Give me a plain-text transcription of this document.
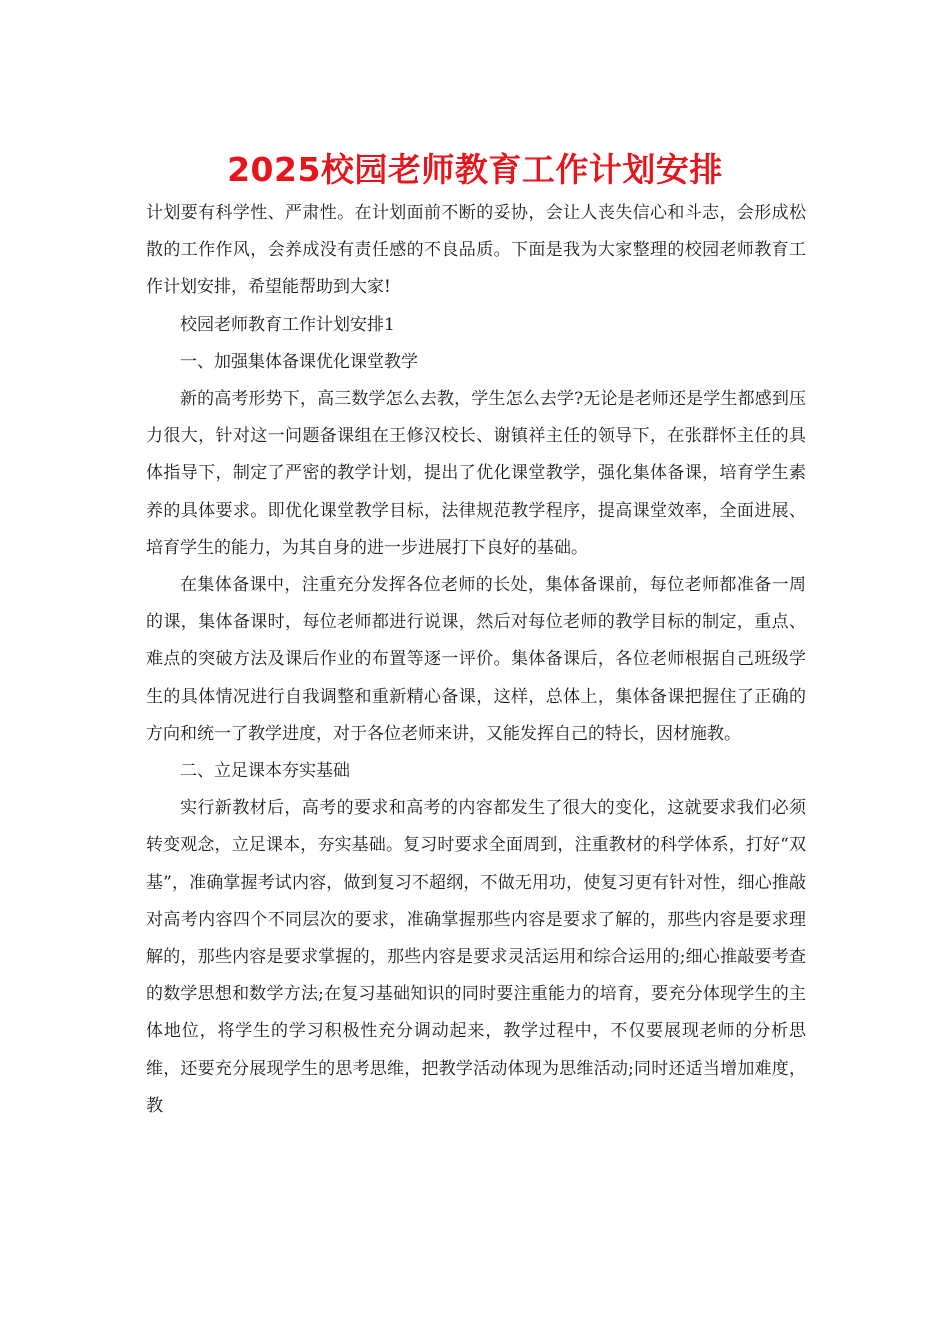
2025校园老师教育工作计划安排

计划要有科学性、严肃性。在计划面前不断的妥协，会让人丧失信心和斗志，会形成松散的工作作风，会养成没有责任感的不良品质。下面是我为大家整理的校园老师教育工作计划安排，希望能帮助到大家!

校园老师教育工作计划安排1

一、加强集体备课优化课堂教学

新的高考形势下，高三数学怎么去教，学生怎么去学?无论是老师还是学生都感到压力很大，针对这一问题备课组在王修汉校长、谢镇祥主任的领导下，在张群怀主任的具体指导下，制定了严密的教学计划，提出了优化课堂教学，强化集体备课，培育学生素养的具体要求。即优化课堂教学目标，法律规范教学程序，提高课堂效率，全面进展、培育学生的能力，为其自身的进一步进展打下良好的基础。

在集体备课中，注重充分发挥各位老师的长处，集体备课前，每位老师都准备一周的课，集体备课时，每位老师都进行说课，然后对每位老师的教学目标的制定，重点、难点的突破方法及课后作业的布置等逐一评价。集体备课后，各位老师根据自己班级学生的具体情况进行自我调整和重新精心备课，这样，总体上，集体备课把握住了正确的方向和统一了教学进度，对于各位老师来讲，又能发挥自己的特长，因材施教。

二、立足课本夯实基础

实行新教材后，高考的要求和高考的内容都发生了很大的变化，这就要求我们必须转变观念，立足课本，夯实基础。复习时要求全面周到，注重教材的科学体系，打好“双基”，准确掌握考试内容，做到复习不超纲，不做无用功，使复习更有针对性，细心推敲对高考内容四个不同层次的要求，准确掌握那些内容是要求了解的，那些内容是要求理解的，那些内容是要求掌握的，那些内容是要求灵活运用和综合运用的;细心推敲要考查的数学思想和数学方法;在复习基础知识的同时要注重能力的培育，要充分体现学生的主体地位，将学生的学习积极性充分调动起来，教学过程中，不仅要展现老师的分析思维，还要充分展现学生的思考思维，把教学活动体现为思维活动;同时还适当增加难度，教
